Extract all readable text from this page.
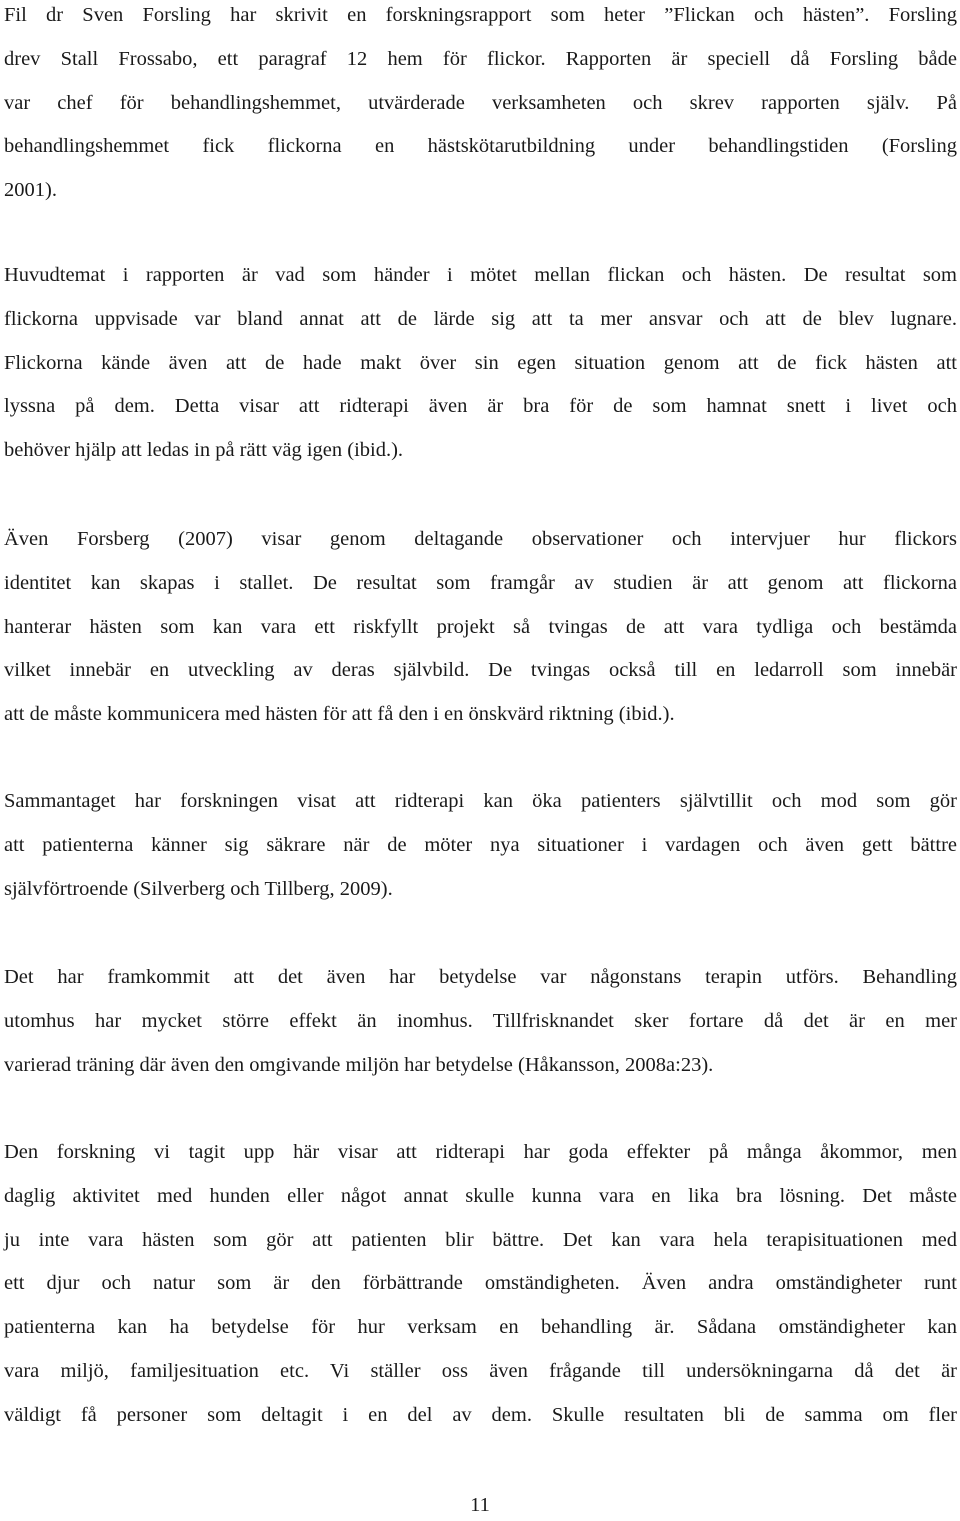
Fil dr Sven Forsling har skrivit en forskningsrapport som heter ”Flickan och hästen”. Forsling
drev Stall Frossabo, ett paragraf 12 hem för flickor. Rapporten är speciell då Forsling både
var chef för behandlingshemmet, utvärderade verksamheten och skrev rapporten själv. På
behandlingshemmet fick flickorna en hästskötarutbildning under behandlingstiden (Forsling
2001).
Huvudtemat i rapporten är vad som händer i mötet mellan flickan och hästen. De resultat som
flickorna uppvisade var bland annat att de lärde sig att ta mer ansvar och att de blev lugnare.
Flickorna kände även att de hade makt över sin egen situation genom att de fick hästen att
lyssna på dem. Detta visar att ridterapi även är bra för de som hamnat snett i livet och
behöver hjälp att ledas in på rätt väg igen (ibid.).
Även Forsberg (2007) visar genom deltagande observationer och intervjuer hur flickors
identitet kan skapas i stallet. De resultat som framgår av studien är att genom att flickorna
hanterar hästen som kan vara ett riskfyllt projekt så tvingas de att vara tydliga och bestämda
vilket innebär en utveckling av deras självbild. De tvingas också till en ledarroll som innebär
att de måste kommunicera med hästen för att få den i en önskvärd riktning (ibid.).
Sammantaget har forskningen visat att ridterapi kan öka patienters självtillit och mod som gör
att patienterna känner sig säkrare när de möter nya situationer i vardagen och även gett bättre
självförtroende (Silverberg och Tillberg, 2009).
Det har framkommit att det även har betydelse var någonstans terapin utförs. Behandling
utomhus har mycket större effekt än inomhus. Tillfrisknandet sker fortare då det är en mer
varierad träning där även den omgivande miljön har betydelse (Håkansson, 2008a:23).
Den forskning vi tagit upp här visar att ridterapi har goda effekter på många åkommor, men
daglig aktivitet med hunden eller något annat skulle kunna vara en lika bra lösning. Det måste
ju inte vara hästen som gör att patienten blir bättre. Det kan vara hela terapisituationen med
ett djur och natur som är den förbättrande omständigheten. Även andra omständigheter runt
patienterna kan ha betydelse för hur verksam en behandling är. Sådana omständigheter kan
vara miljö, familjesituation etc. Vi ställer oss även frågande till undersökningarna då det är
väldigt få personer som deltagit i en del av dem. Skulle resultaten bli de samma om fler
11
